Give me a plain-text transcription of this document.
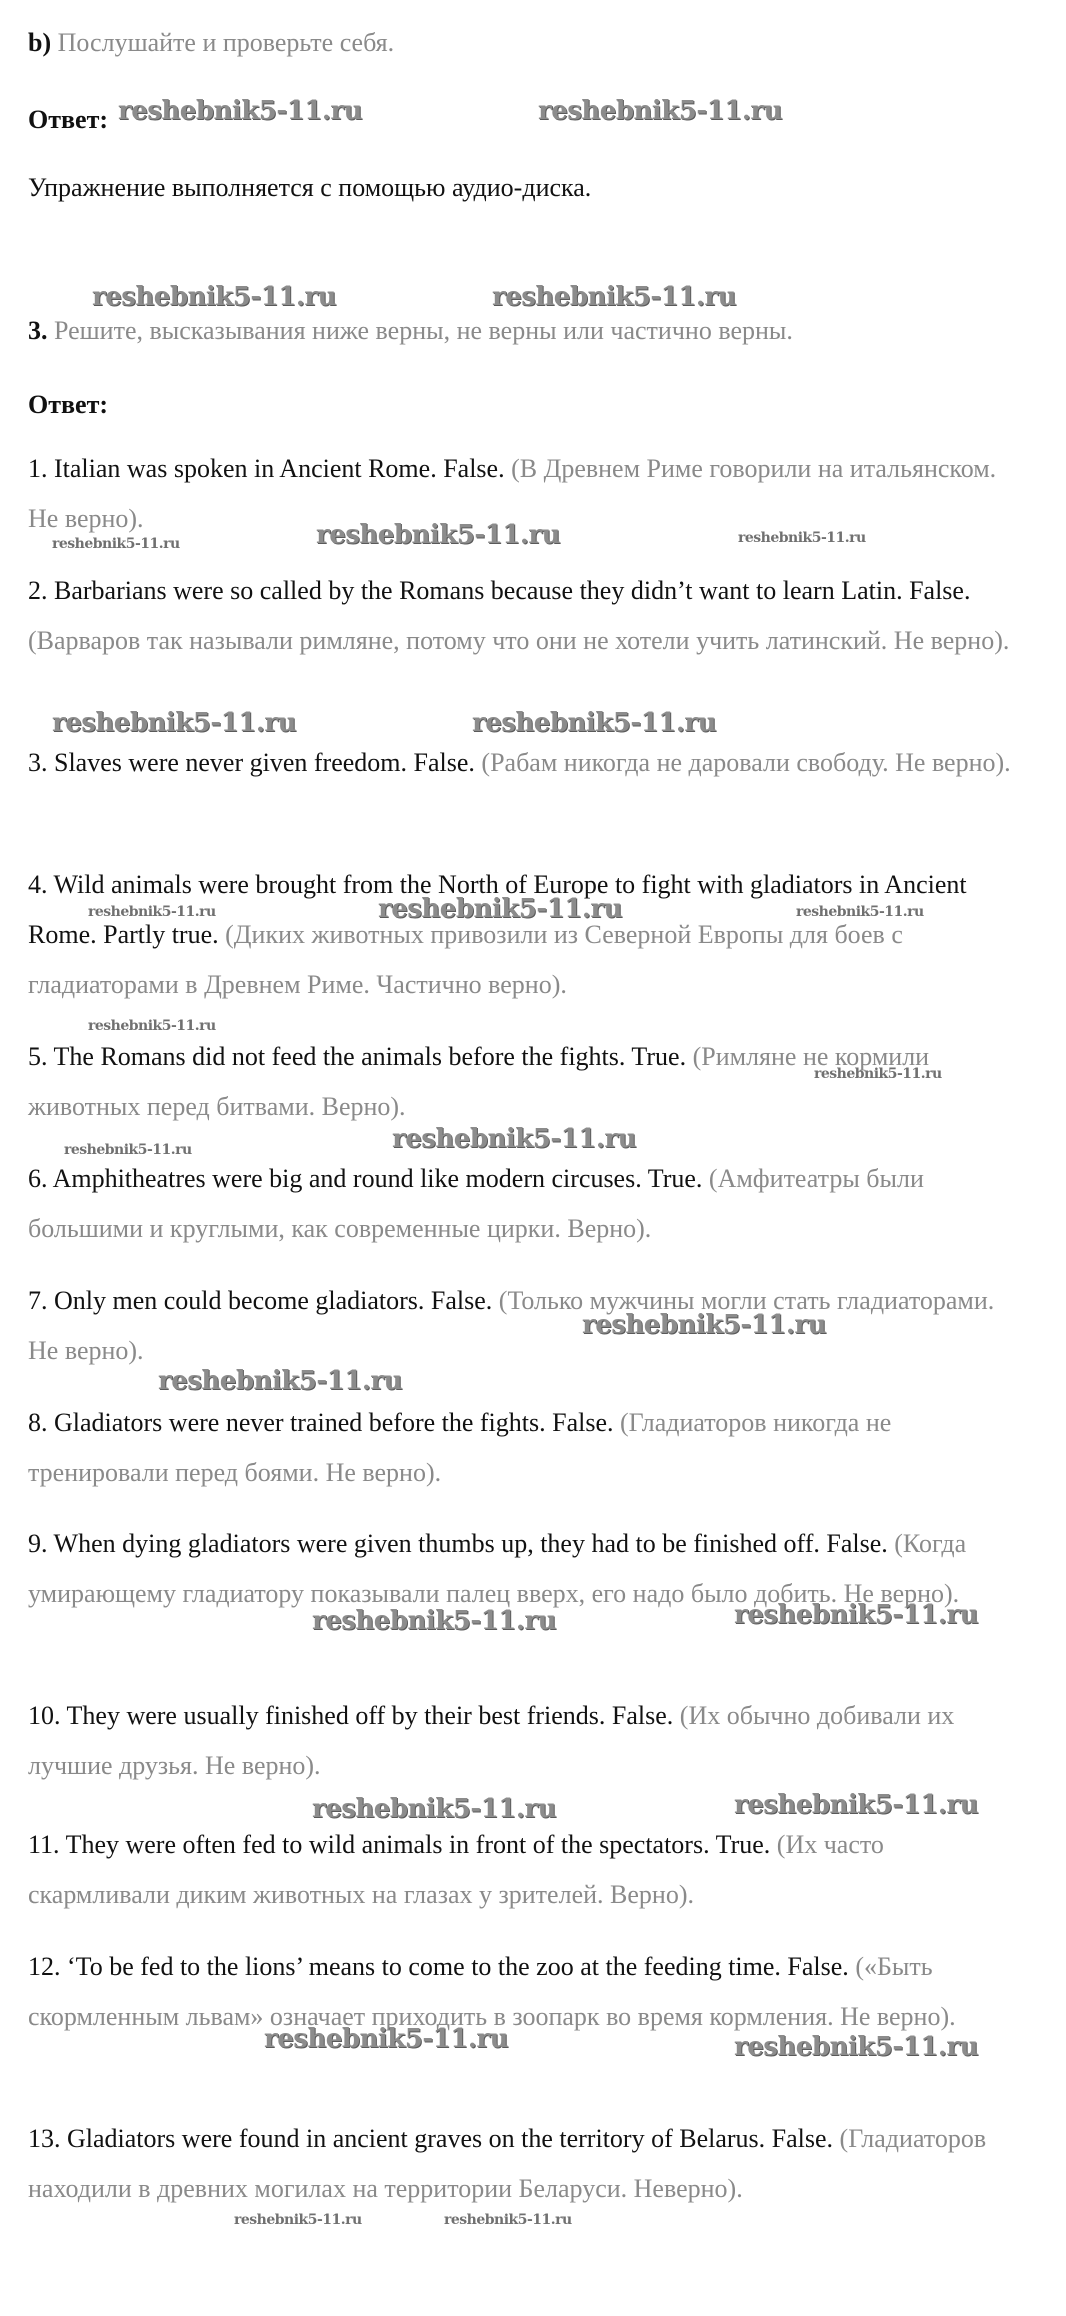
b) Послушайте и проверьте себя.
Ответ:
Упражнение выполняется с помощью аудио-диска.
3. Решите, высказывания ниже верны, не верны или частично верны.
Ответ:
1. Italian was spoken in Ancient Rome. False. (В Древнем Риме говорили на итальянском. Не верно).
2. Barbarians were so called by the Romans because they didn’t want to learn Latin. False. (Варваров так называли римляне, потому что они не хотели учить латинский. Не верно).
3. Slaves were never given freedom. False. (Рабам никогда не даровали свободу. Не верно).
4. Wild animals were brought from the North of Europe to fight with gladiators in Ancient Rome. Partly true. (Диких животных привозили из Северной Европы для боев с гладиаторами в Древнем Риме. Частично верно).
5. The Romans did not feed the animals before the fights. True. (Римляне не кормили животных перед битвами. Верно).
6. Amphitheatres were big and round like modern circuses. True. (Амфитеатры были большими и круглыми, как современные цирки. Верно).
7. Only men could become gladiators. False. (Только мужчины могли стать гладиаторами. Не верно).
8. Gladiators were never trained before the fights. False. (Гладиаторов никогда не тренировали перед боями. Не верно).
9. When dying gladiators were given thumbs up, they had to be finished off. False. (Когда умирающему гладиатору показывали палец вверх, его надо было добить. Не верно).
10. They were usually finished off by their best friends. False. (Их обычно добивали их лучшие друзья. Не верно).
11. They were often fed to wild animals in front of the spectators. True. (Их часто скармливали диким животных на глазах у зрителей. Верно).
12. ‘To be fed to the lions’ means to come to the zoo at the feeding time. False. («Быть скормленным львам» означает приходить в зоопарк во время кормления. Не верно).
13. Gladiators were found in ancient graves on the territory of Belarus. False. (Гладиаторов находили в древних могилах на территории Беларуси. Неверно).
reshebnik5-11.ru	reshebnik5-11.ru
reshebnik5-11.ru	reshebnik5-11.ru
reshebnik5-11.ru	reshebnik5-11.ru	reshebnik5-11.ru
reshebnik5-11.ru	reshebnik5-11.ru
reshebnik5-11.ru	reshebnik5-11.ru	reshebnik5-11.ru
reshebnik5-11.ru
reshebnik5-11.ru
reshebnik5-11.ru	reshebnik5-11.ru
reshebnik5-11.ru
reshebnik5-11.ru
reshebnik5-11.ru	reshebnik5-11.ru
reshebnik5-11.ru	reshebnik5-11.ru
reshebnik5-11.ru	reshebnik5-11.ru
reshebnik5-11.ru	reshebnik5-11.ru
